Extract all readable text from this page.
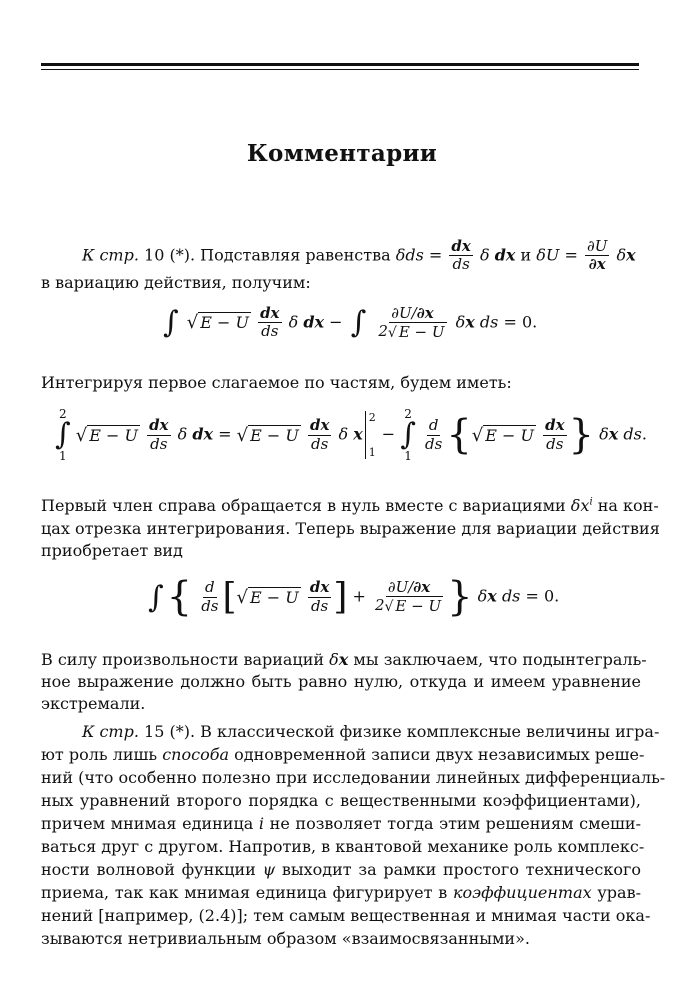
Комментарии
К стр. 10 (*). Подставляя равенства $\delta ds = \frac{dx}{ds}$ δ dx и $\delta U = \frac{\partial U}{\partial x}$ δx
в вариацию действия, получим:
∫ √ E − U $\frac{dx}{ds}$ δ dx − ∫ $\frac{\partial U/\partial x}{2√ E - U}$ δx ds = 0.
Интегрируя первое слагаемое по частям, будем иметь:
2
∫
1
√ E − U $\frac{dx}{ds}$ δ dx = √ E − U $\frac{dx}{ds}$ δ x
2
1
−
2
∫
1

$\frac{d}{ds}$ {√ E − U $\frac{dx}{ds}$ } δx ds.
Первый член справа обращается в нуль вместе с вариациями $\delta x^i$ на кон-
цах отрезка интегрирования. Теперь выражение для вариации действия
приобретает вид
∫{ $\frac{d}{ds}$ [√ E − U $\frac{dx}{ds}$ ] + $\frac{\partial U/\partial x}{2√ E - U}$ } δx ds = 0.
В силу произвольности вариаций δx мы заключаем, что подынтеграль-
ное выражение должно быть равно нулю, откуда и имеем уравнение
экстремали.
К стр. 15 (*). В классической физике комплексные величины игра-
ют роль лишь способа одновременной записи двух независимых реше-
ний (что особенно полезно при исследовании линейных дифференциаль-
ных уравнений второго порядка с вещественными коэффициентами),
причем мнимая единица i не позволяет тогда этим решениям смеши-
ваться друг с другом. Напротив, в квантовой механике роль комплекс-
ности волновой функции ψ выходит за рамки простого технического
приема, так как мнимая единица фигурирует в коэффициентах урав-
нений [например, (2.4)]; тем самым вещественная и мнимая части ока-
зываются нетривиальным образом «взаимосвязанными».
